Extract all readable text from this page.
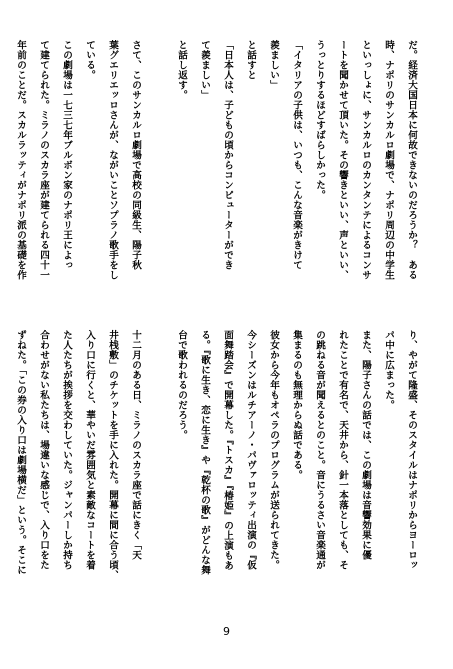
だ。経済大国日本に何故できないのだろうか？　ある
時、ナポリのサンカルロ劇場で、ナポリ周辺の中学生
といっしょに、サンカルロのカンタンテによるコンサ
ートを聞かせて頂いた。その響きといい、声といい、
うっとりするほどすばらしかった。
「イタリアの子供は、いつも、こんな音楽がきけて
羨ましい」
と話すと
「日本人は、子どもの頃からコンピューターができ
て羨ましい」
と話し返す。

さて、このサンカルロ劇場で高校の同級生、陽子秋
葉グエリエッロさんが、ながいことソプラノ歌手をし
ている。
この劇場は一七三七年ブルボン家のナポリ王によっ
て建てられた。ミラノのスカラ座が建てられる四十一
年前のことだ。スカルラッティがナポリ派の基礎を作
り、やがて隆盛、そのスタイルはナポリからヨーロッ
パ中に広まった。
また、陽子さんの話では、この劇場は音響効果に優
れたことで有名で、天井から、針一本落としても、そ
の跳ねる音が聞えるとのこと。音にうるさい音楽通が
集まるのも無理からぬ話である。
彼女から今年もオペラのプログラムが送られてきた。
今シーズンはルチアーノ・パヴァロッティ出演の『仮
面舞踏会』で開幕した。『トスカ』『椿姫』の上演もあ
る。『歌に生き、恋に生き』や『乾杯の歌』がどんな舞
台で歌われるのだろう。

十二月のある日、ミラノのスカラ座で話にきく「天
井桟敷」のチケットを手に入れた。開幕に間に合う頃、
入り口に行くと、華やいだ雰囲気と素敵なコートを着
た人たちが挨拶を交わしていた。ジャンパーしか持ち
合わせがない私たちは、場違いな感じで、入り口をた
ずねた。「この券の入り口は劇場横だ」という。そこに
9
